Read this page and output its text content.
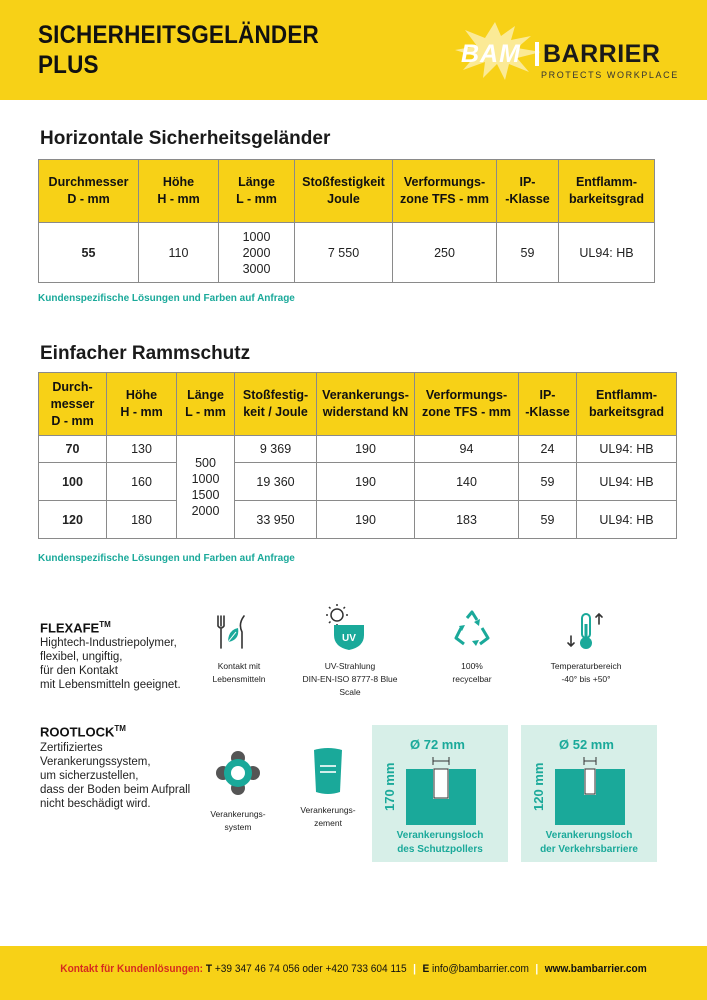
SICHERHEITSGELÄNDER
PLUS	BAM BARRIER
PROTECTS WORKPLACE
Horizontale Sicherheitsgeländer
Durchmesser
D - mm	Höhe
H - mm	Länge
L - mm	Stoßfestigkeit
Joule	Verformungs-
zone TFS - mm	IP-
-Klasse	Entflamm-
barkeitsgrad
55	110	1000
2000
3000	7 550	250	59	UL94: HB
Kundenspezifische Lösungen und Farben auf Anfrage
Einfacher Rammschutz
Durch-
messer
D - mm	Höhe
H - mm	Länge
L - mm	Stoßfestig-
keit / Joule	Verankerungs-
widerstand kN	Verformungs-
zone TFS - mm	IP-
-Klasse	Entflamm-
barkeitsgrad
70	130	500
1000
1500
2000	9 369	190	94	24	UL94: HB
100	160		19 360	190	140	59	UL94: HB
120	180		33 950	190	183	59	UL94: HB
Kundenspezifische Lösungen und Farben auf Anfrage
FLEXAFE™
Hightech-Industriepolymer,
flexibel, ungiftig,
für den Kontakt
mit Lebensmitteln geeignet.
Kontakt mit
Lebensmitteln
UV
UV-Strahlung
DIN-EN-ISO 8777-8 Blue
Scale
100%
recycelbar
Temperaturbereich
-40° bis +50°
ROOTLOCK™
Zertifiziertes
Verankerungssystem,
um sicherzustellen,
dass der Boden beim Aufprall
nicht beschädigt wird.
Verankerungs-
system
Verankerungs-
zement
Ø 72 mm
170 mm
Verankerungsloch
des Schutzpollers
Ø 52 mm
120 mm
Verankerungsloch
der Verkehrsbarriere
Kontakt für Kundenlösungen: T +39 347 46 74 056 oder +420 733 604 115 | E info@bambarrier.com | www.bambarrier.com
